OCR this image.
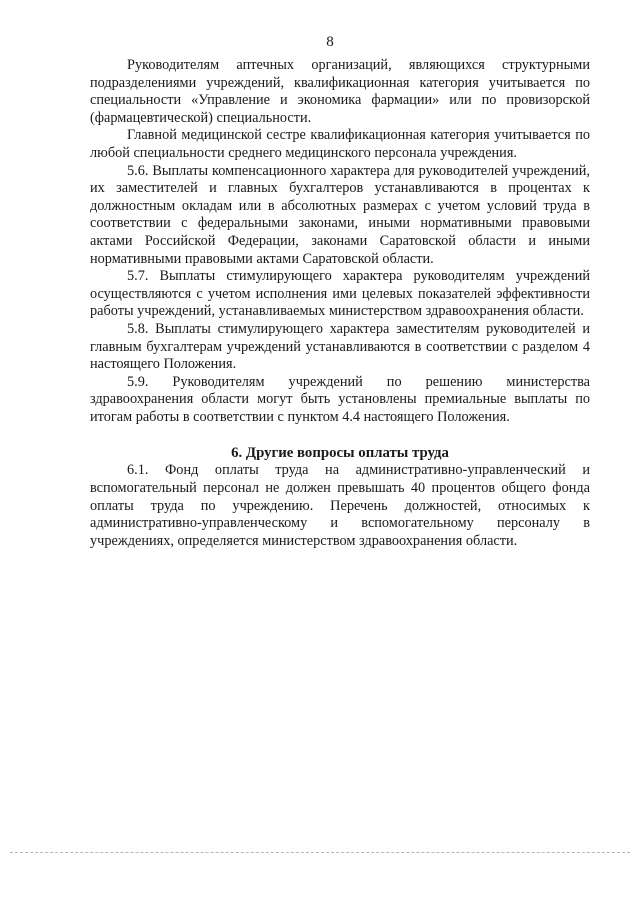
8

Руководителям аптечных организаций, являющихся структурными подразделениями учреждений, квалификационная категория учитывается по специальности «Управление и экономика фармации» или по провизорской (фармацевтической) специальности.

Главной медицинской сестре квалификационная категория учитывается по любой специальности среднего медицинского персонала учреждения.

5.6. Выплаты компенсационного характера для руководителей учреждений, их заместителей и главных бухгалтеров устанавливаются в процентах к должностным окладам или в абсолютных размерах с учетом условий труда в соответствии с федеральными законами, иными нормативными правовыми актами Российской Федерации, законами Саратовской области и иными нормативными правовыми актами Саратовской области.

5.7. Выплаты стимулирующего характера руководителям учреждений осуществляются с учетом исполнения ими целевых показателей эффективности работы учреждений, устанавливаемых министерством здравоохранения области.

5.8. Выплаты стимулирующего характера заместителям руководителей и главным бухгалтерам учреждений устанавливаются в соответствии с разделом 4 настоящего Положения.

5.9. Руководителям учреждений по решению министерства здравоохранения области могут быть установлены премиальные выплаты по итогам работы в соответствии с пунктом 4.4 настоящего Положения.

6. Другие вопросы оплаты труда

6.1. Фонд оплаты труда на административно-управленческий и вспомогательный персонал не должен превышать 40 процентов общего фонда оплаты труда по учреждению. Перечень должностей, относимых к административно-управленческому и вспомогательному персоналу в учреждениях, определяется министерством здравоохранения области.
